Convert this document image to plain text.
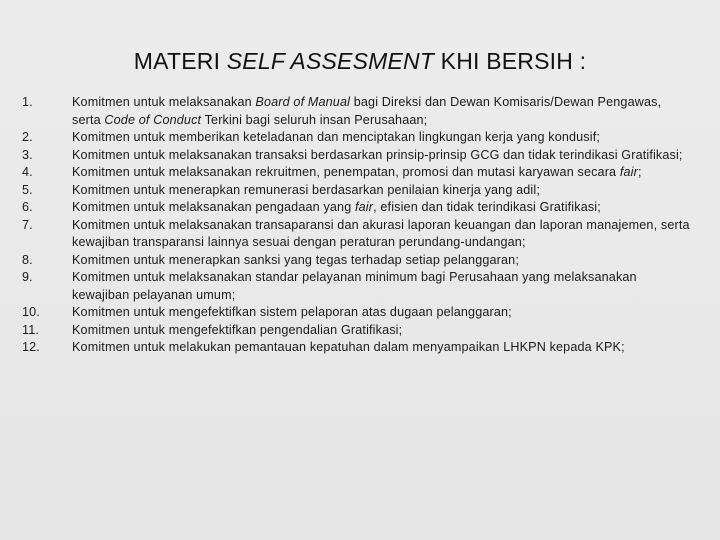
MATERI SELF ASSESMENT KHI BERSIH :
1.	Komitmen untuk melaksanakan Board of Manual bagi Direksi dan Dewan Komisaris/Dewan Pengawas, serta Code of Conduct Terkini bagi seluruh insan Perusahaan;
2.	Komitmen untuk memberikan keteladanan dan menciptakan lingkungan kerja yang kondusif;
3.	Komitmen untuk melaksanakan transaksi berdasarkan prinsip-prinsip GCG dan tidak terindikasi Gratifikasi;
4.	Komitmen untuk melaksanakan rekruitmen, penempatan, promosi dan mutasi karyawan secara fair;
5.	Komitmen untuk menerapkan remunerasi berdasarkan penilaian kinerja yang adil;
6.	Komitmen untuk melaksanakan pengadaan yang fair, efisien dan tidak terindikasi Gratifikasi;
7.	Komitmen untuk melaksanakan transaparansi dan akurasi laporan keuangan dan laporan manajemen, serta kewajiban transparansi lainnya sesuai dengan peraturan perundang-undangan;
8.	Komitmen untuk menerapkan sanksi yang tegas terhadap setiap pelanggaran;
9.	Komitmen untuk melaksanakan standar pelayanan minimum bagi Perusahaan yang melaksanakan kewajiban pelayanan umum;
10.	Komitmen untuk mengefektifkan sistem pelaporan atas dugaan pelanggaran;
11.	Komitmen untuk mengefektifkan pengendalian Gratifikasi;
12.	Komitmen untuk melakukan pemantauan kepatuhan dalam menyampaikan LHKPN kepada KPK;
